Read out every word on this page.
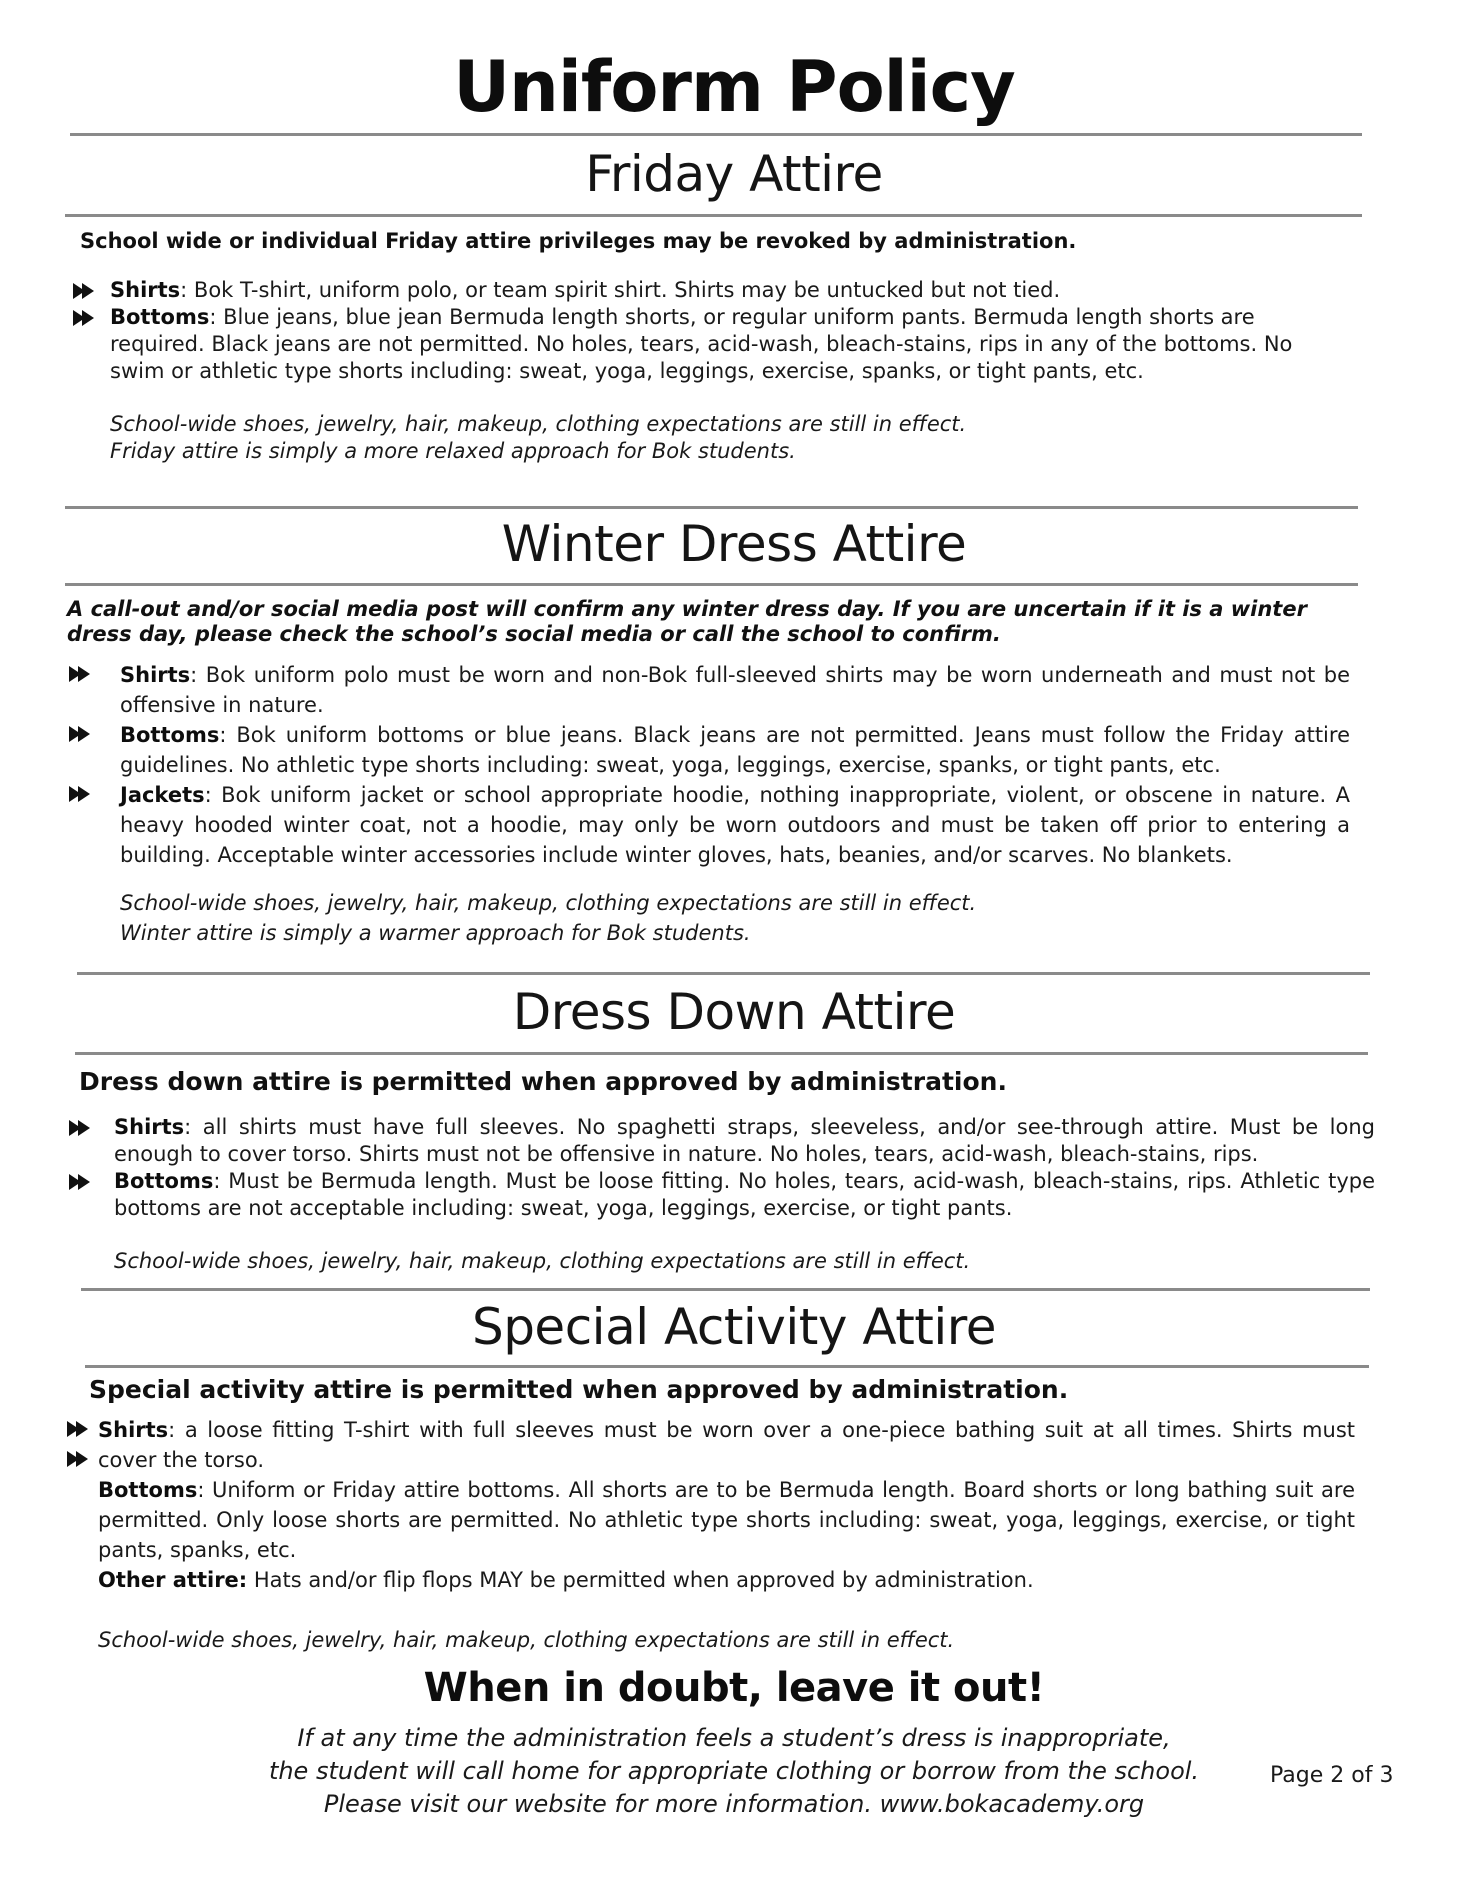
Uniform Policy
Friday Attire
School wide or individual Friday attire privileges may be revoked by administration.
Shirts: Bok T-shirt, uniform polo, or team spirit shirt. Shirts may be untucked but not tied.
Bottoms: Blue jeans, blue jean Bermuda length shorts, or regular uniform pants. Bermuda length shorts are required. Black jeans are not permitted. No holes, tears, acid-wash, bleach-stains, rips in any of the bottoms. No swim or athletic type shorts including: sweat, yoga, leggings, exercise, spanks, or tight pants, etc.
School-wide shoes, jewelry, hair, makeup, clothing expectations are still in effect.
Friday attire is simply a more relaxed approach for Bok students.
Winter Dress Attire
A call-out and/or social media post will confirm any winter dress day. If you are uncertain if it is a winter dress day, please check the school’s social media or call the school to confirm.
Shirts: Bok uniform polo must be worn and non-Bok full-sleeved shirts may be worn underneath and must not be offensive in nature.
Bottoms: Bok uniform bottoms or blue jeans. Black jeans are not permitted. Jeans must follow the Friday attire guidelines. No athletic type shorts including: sweat, yoga, leggings, exercise, spanks, or tight pants, etc.
Jackets: Bok uniform jacket or school appropriate hoodie, nothing inappropriate, violent, or obscene in nature. A heavy hooded winter coat, not a hoodie, may only be worn outdoors and must be taken off prior to entering a building. Acceptable winter accessories include winter gloves, hats, beanies, and/or scarves. No blankets.
School-wide shoes, jewelry, hair, makeup, clothing expectations are still in effect.
Winter attire is simply a warmer approach for Bok students.
Dress Down Attire
Dress down attire is permitted when approved by administration.
Shirts: all shirts must have full sleeves. No spaghetti straps, sleeveless, and/or see-through attire. Must be long enough to cover torso. Shirts must not be offensive in nature. No holes, tears, acid-wash, bleach-stains, rips.
Bottoms: Must be Bermuda length. Must be loose fitting. No holes, tears, acid-wash, bleach-stains, rips. Athletic type bottoms are not acceptable including: sweat, yoga, leggings, exercise, or tight pants.
School-wide shoes, jewelry, hair, makeup, clothing expectations are still in effect.
Special Activity Attire
Special activity attire is permitted when approved by administration.
Shirts: a loose fitting T-shirt with full sleeves must be worn over a one-piece bathing suit at all times. Shirts must cover the torso.
Bottoms: Uniform or Friday attire bottoms. All shorts are to be Bermuda length. Board shorts or long bathing suit are permitted. Only loose shorts are permitted. No athletic type shorts including: sweat, yoga, leggings, exercise, or tight pants, spanks, etc.
Other attire: Hats and/or flip flops MAY be permitted when approved by administration.
School-wide shoes, jewelry, hair, makeup, clothing expectations are still in effect.
When in doubt, leave it out!
If at any time the administration feels a student’s dress is inappropriate,
the student will call home for appropriate clothing or borrow from the school.
Please visit our website for more information. www.bokacademy.org
Page 2 of 3
